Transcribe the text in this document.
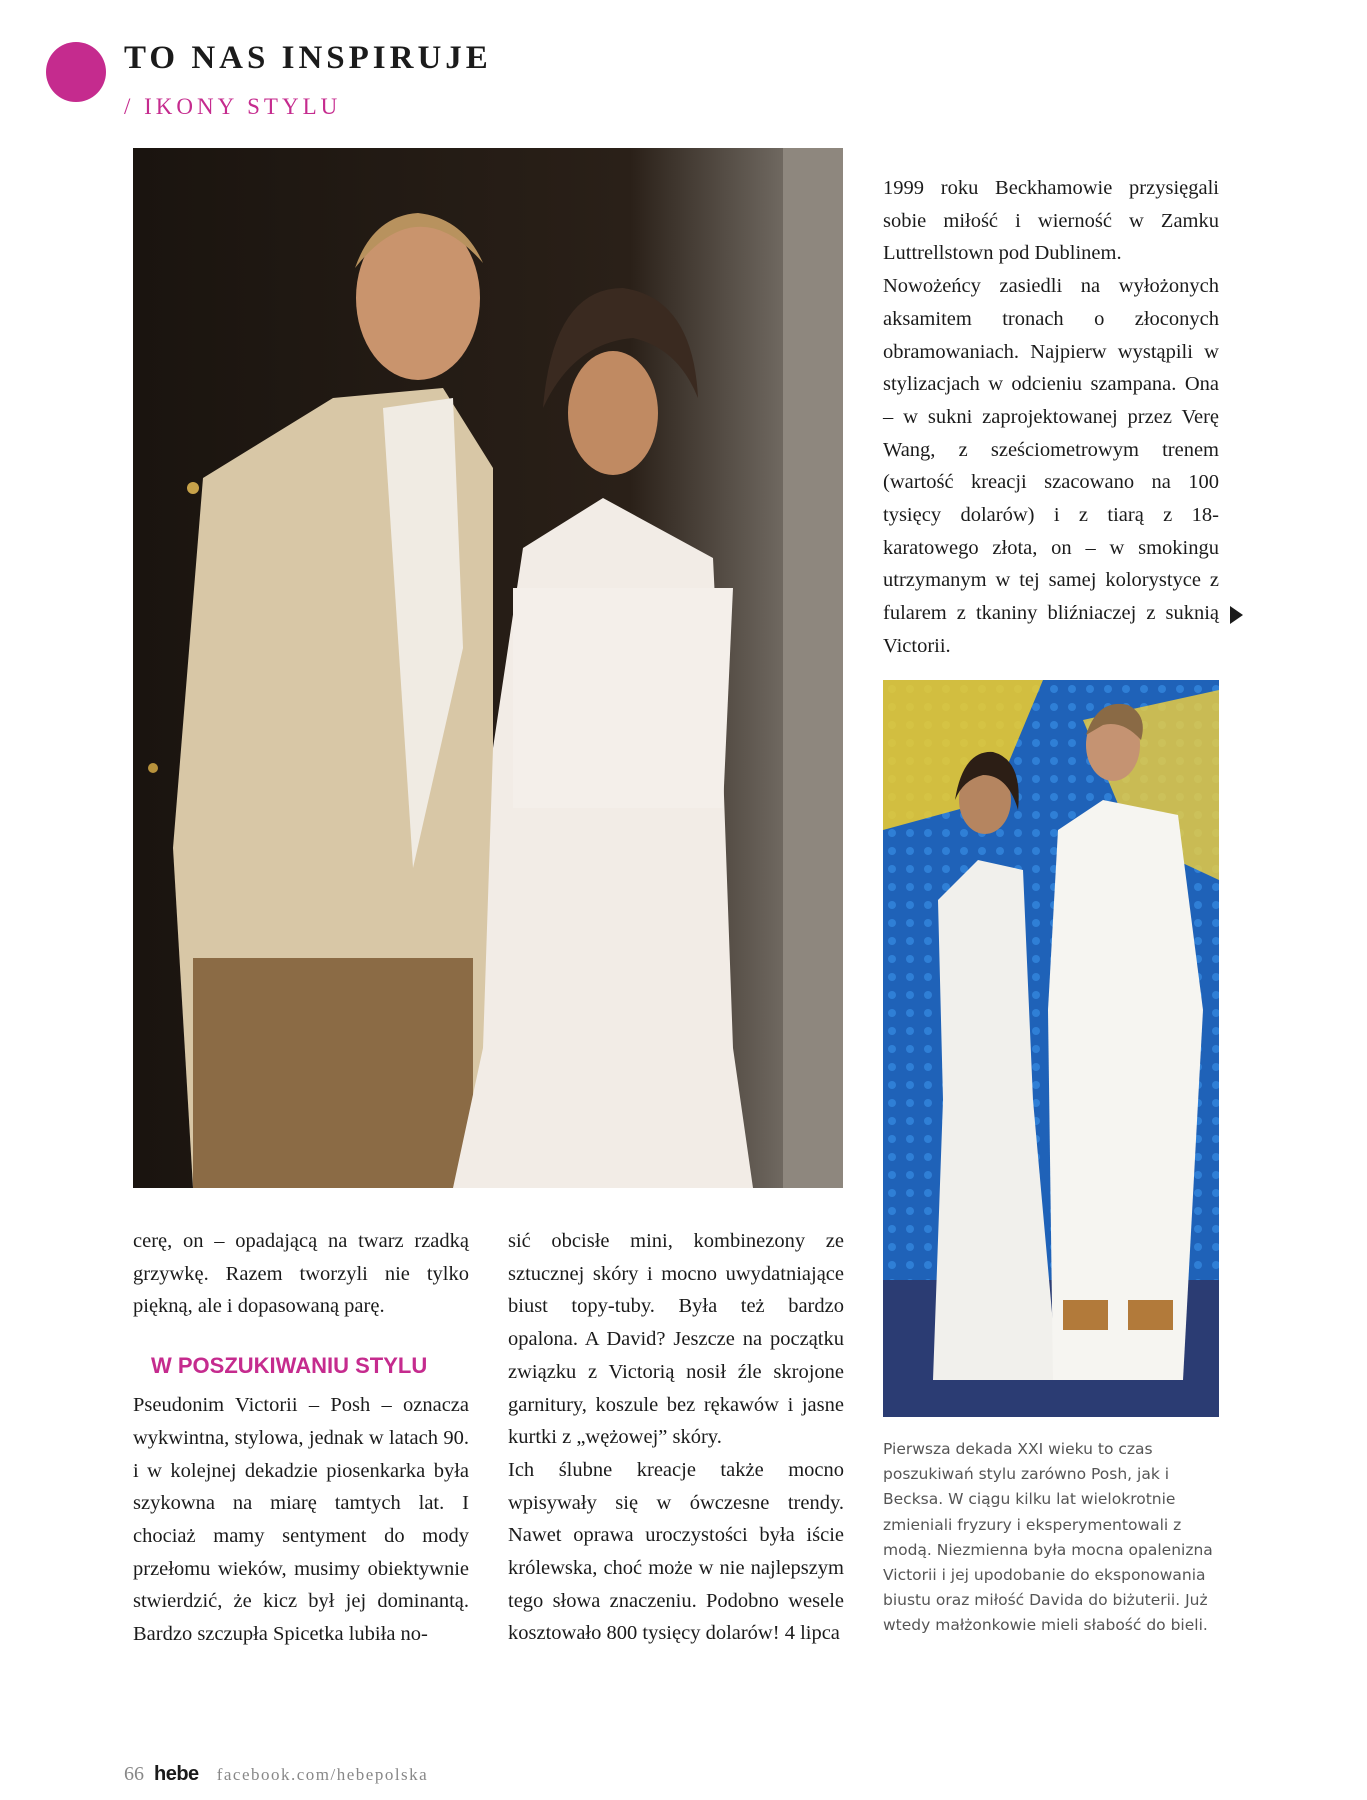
TO NAS INSPIRUJE
/ IKONY STYLU

1999 roku Beckhamowie przysięgali sobie miłość i wierność w Zamku Luttrellstown pod Dublinem.

Nowożeńcy zasiedli na wyłożonych aksamitem tronach o złoconych obramowaniach. Najpierw wystąpili w stylizacjach w odcieniu szampana. Ona – w sukni zaprojektowanej przez Verę Wang, z sześciometrowym trenem (wartość kreacji szacowano na 100 tysięcy dolarów) i z tiarą z 18-karatowego złota, on – w smokingu utrzymanym w tej samej kolorystyce z fularem z tkaniny bliźniaczej z suknią Victorii.

Pierwsza dekada XXI wieku to czas poszukiwań stylu zarówno Posh, jak i Becksa. W ciągu kilku lat wielokrotnie zmieniali fryzury i eksperymentowali z modą. Niezmienna była mocna opalenizna Victorii i jej upodobanie do eksponowania biustu oraz miłość Davida do biżuterii. Już wtedy małżonkowie mieli słabość do bieli.

cerę, on – opadającą na twarz rzadką grzywkę. Razem tworzyli nie tylko piękną, ale i dopasowaną parę.

W POSZUKIWANIU STYLU

Pseudonim Victorii – Posh – oznacza wykwintna, stylowa, jednak w latach 90. i w kolejnej dekadzie piosenkarka była szykowna na miarę tamtych lat. I chociaż mamy sentyment do mody przełomu wieków, musimy obiektywnie stwierdzić, że kicz był jej dominantą. Bardzo szczupła Spicetka lubiła no-

sić obcisłe mini, kombinezony ze sztucznej skóry i mocno uwydatniające biust topy-tuby. Była też bardzo opalona. A David? Jeszcze na początku związku z Victorią nosił źle skrojone garnitury, koszule bez rękawów i jasne kurtki z „wężowej” skóry.

Ich ślubne kreacje także mocno wpisywały się w ówczesne trendy. Nawet oprawa uroczystości była iście królewska, choć może w nie najlepszym tego słowa znaczeniu. Podobno wesele kosztowało 800 tysięcy dolarów! 4 lipca

66 hebe facebook.com/hebepolska
